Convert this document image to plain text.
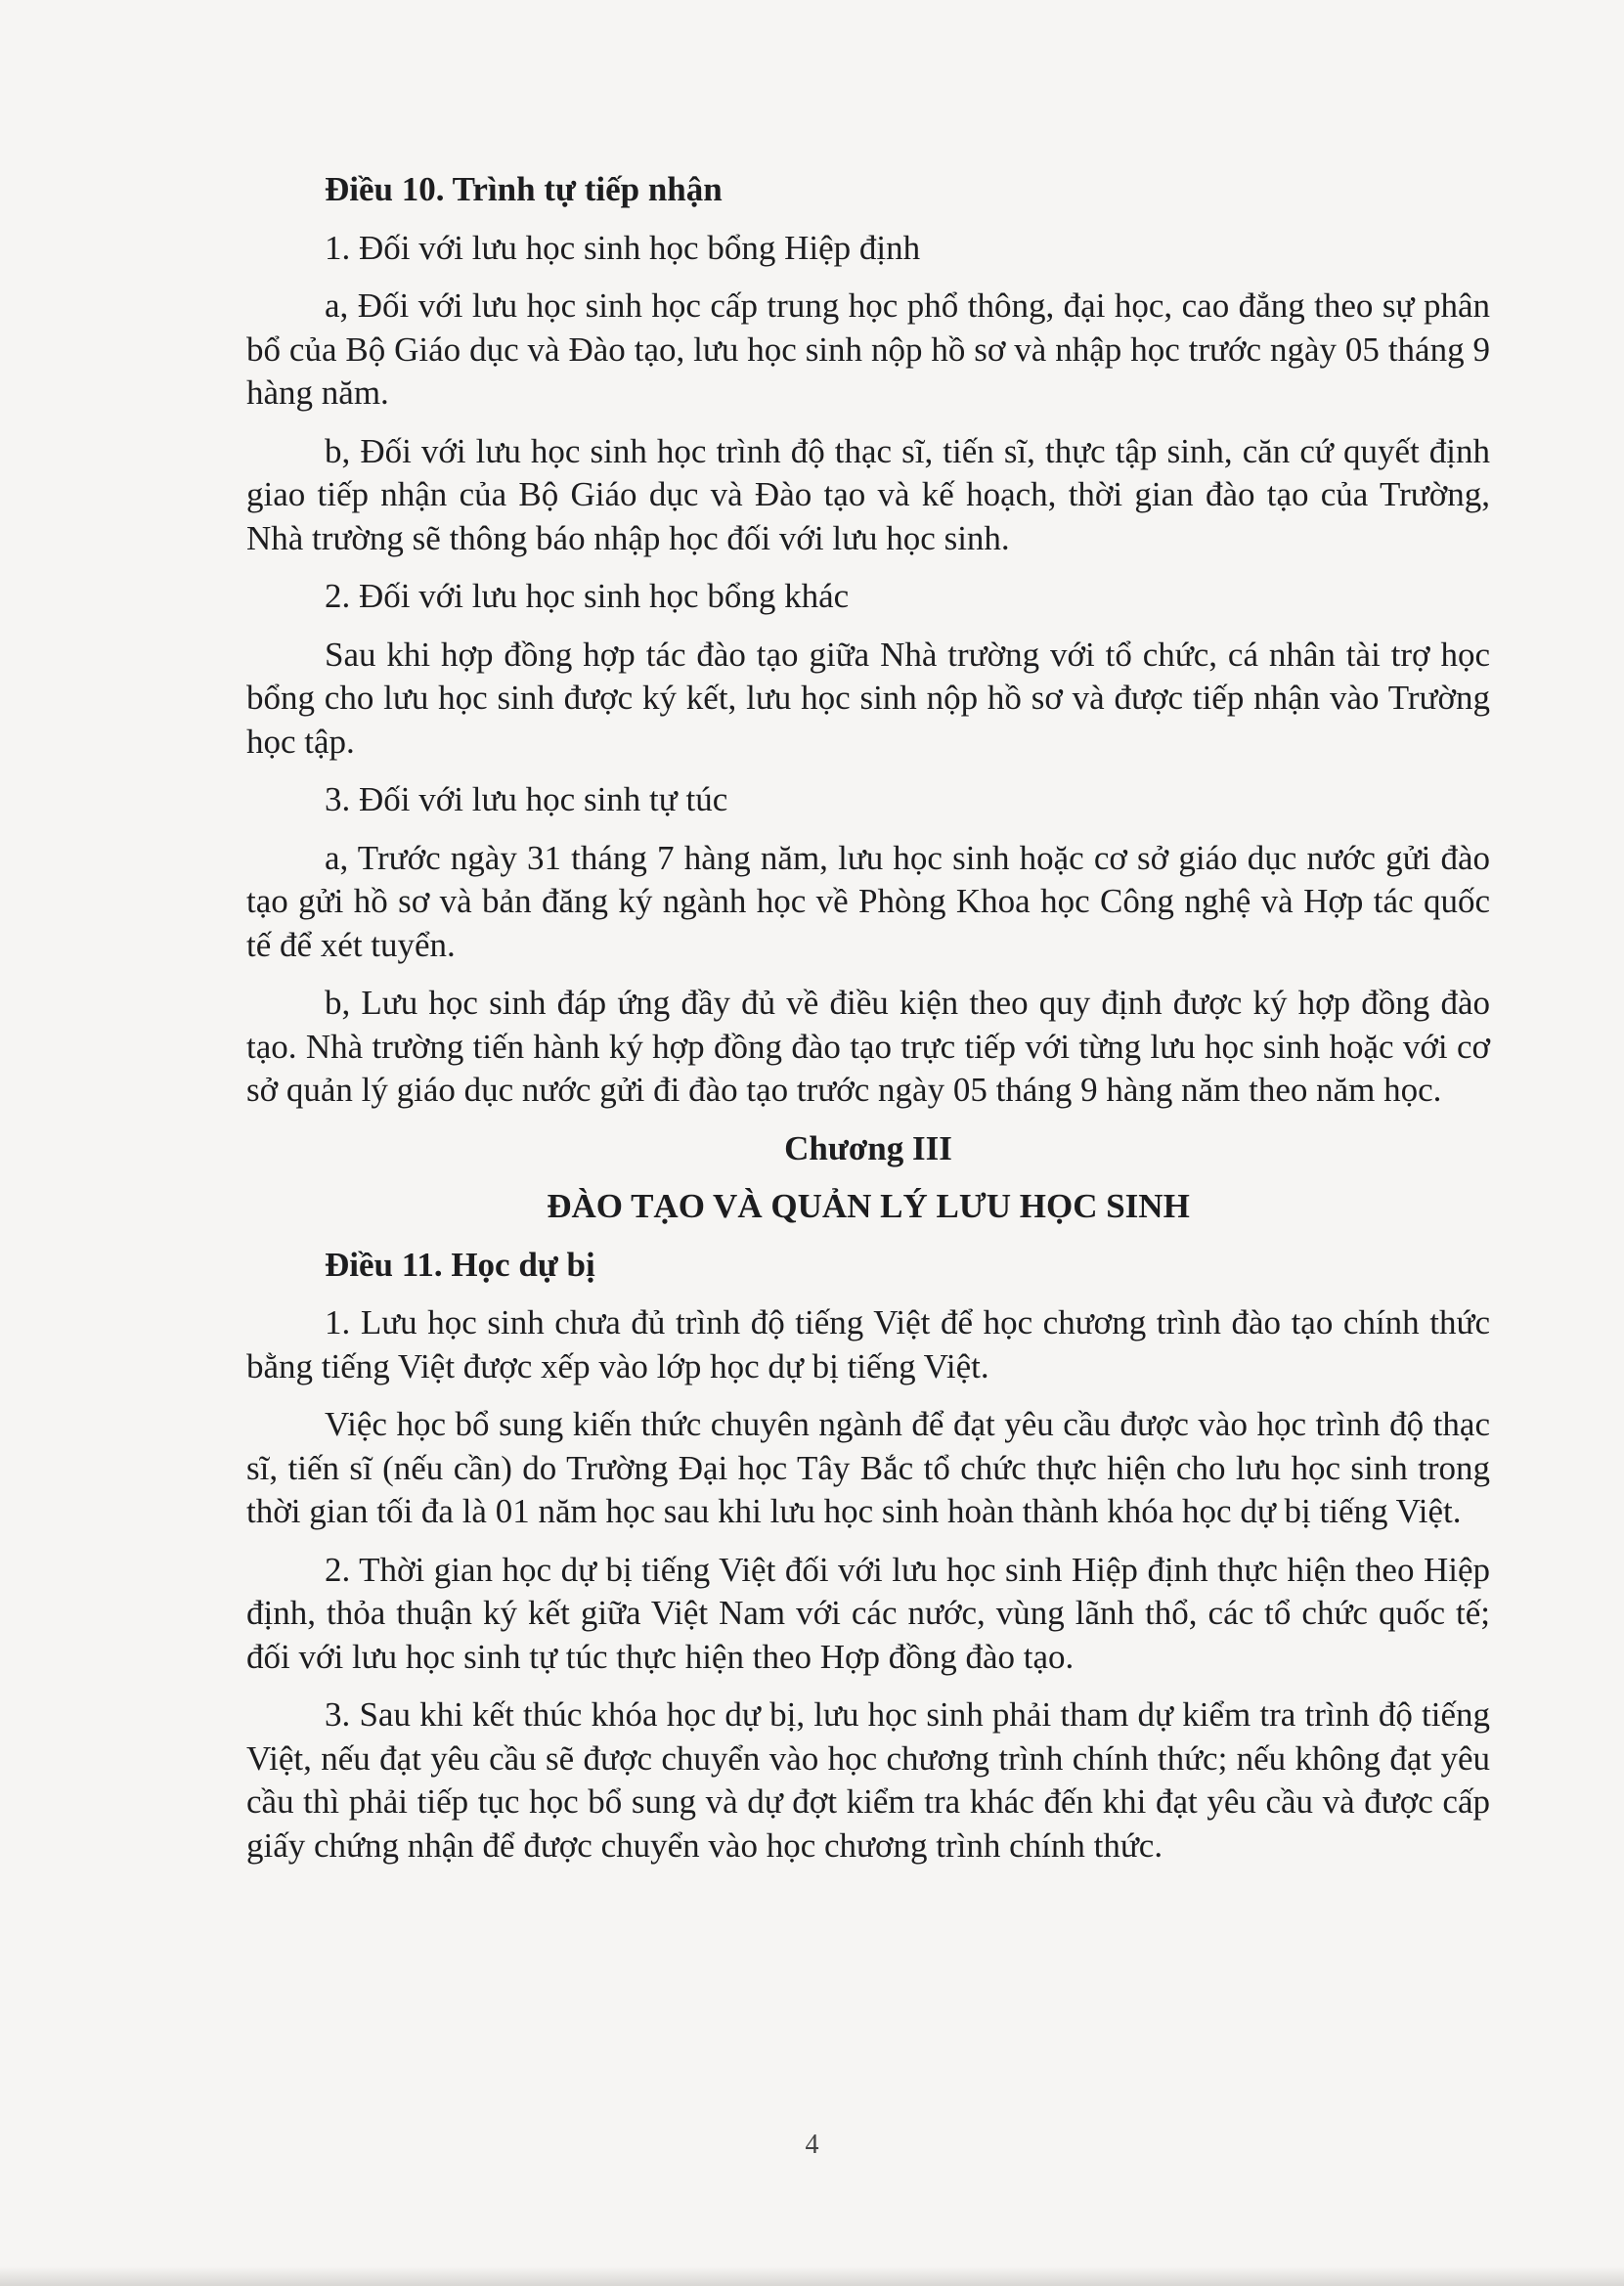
Điều 10. Trình tự tiếp nhận

1. Đối với lưu học sinh học bổng Hiệp định

a, Đối với lưu học sinh học cấp trung học phổ thông, đại học, cao đẳng theo sự phân bổ của Bộ Giáo dục và Đào tạo, lưu học sinh nộp hồ sơ và nhập học trước ngày 05 tháng 9 hàng năm.

b, Đối với lưu học sinh học trình độ thạc sĩ, tiến sĩ, thực tập sinh, căn cứ quyết định giao tiếp nhận của Bộ Giáo dục và Đào tạo và kế hoạch, thời gian đào tạo của Trường, Nhà trường sẽ thông báo nhập học đối với lưu học sinh.

2. Đối với lưu học sinh học bổng khác

Sau khi hợp đồng hợp tác đào tạo giữa Nhà trường với tổ chức, cá nhân tài trợ học bổng cho lưu học sinh được ký kết, lưu học sinh nộp hồ sơ và được tiếp nhận vào Trường học tập.

3. Đối với lưu học sinh tự túc

a, Trước ngày 31 tháng 7 hàng năm, lưu học sinh hoặc cơ sở giáo dục nước gửi đào tạo gửi hồ sơ và bản đăng ký ngành học về Phòng Khoa học Công nghệ và Hợp tác quốc tế để xét tuyển.

b, Lưu học sinh đáp ứng đầy đủ về điều kiện theo quy định được ký hợp đồng đào tạo. Nhà trường tiến hành ký hợp đồng đào tạo trực tiếp với từng lưu học sinh hoặc với cơ sở quản lý giáo dục nước gửi đi đào tạo trước ngày 05 tháng 9 hàng năm theo năm học.

Chương III

ĐÀO TẠO VÀ QUẢN LÝ LƯU HỌC SINH

Điều 11. Học dự bị

1. Lưu học sinh chưa đủ trình độ tiếng Việt để học chương trình đào tạo chính thức bằng tiếng Việt được xếp vào lớp học dự bị tiếng Việt.

Việc học bổ sung kiến thức chuyên ngành để đạt yêu cầu được vào học trình độ thạc sĩ, tiến sĩ (nếu cần) do Trường Đại học Tây Bắc tổ chức thực hiện cho lưu học sinh trong thời gian tối đa là 01 năm học sau khi lưu học sinh hoàn thành khóa học dự bị tiếng Việt.

2. Thời gian học dự bị tiếng Việt đối với lưu học sinh Hiệp định thực hiện theo Hiệp định, thỏa thuận ký kết giữa Việt Nam với các nước, vùng lãnh thổ, các tổ chức quốc tế; đối với lưu học sinh tự túc thực hiện theo Hợp đồng đào tạo.

3. Sau khi kết thúc khóa học dự bị, lưu học sinh phải tham dự kiểm tra trình độ tiếng Việt, nếu đạt yêu cầu sẽ được chuyển vào học chương trình chính thức; nếu không đạt yêu cầu thì phải tiếp tục học bổ sung và dự đợt kiểm tra khác đến khi đạt yêu cầu và được cấp giấy chứng nhận để được chuyển vào học chương trình chính thức.

4
